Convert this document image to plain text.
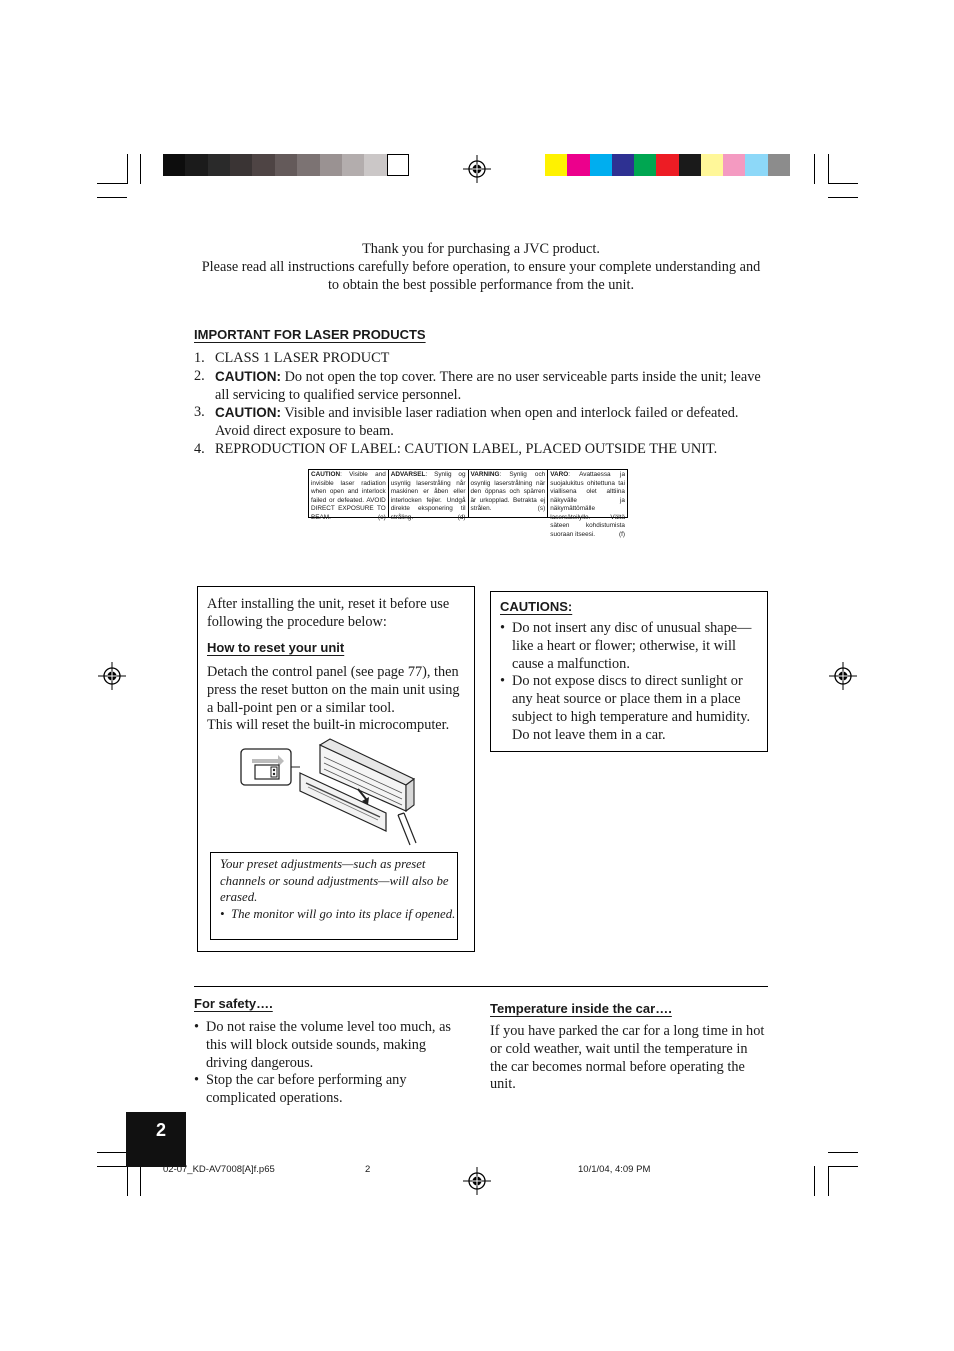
Thank you for purchasing a JVC product.
Please read all instructions carefully before operation, to ensure your complete understanding and
to obtain the best possible performance from the unit.
IMPORTANT FOR LASER PRODUCTS
1. CLASS 1 LASER PRODUCT
2. CAUTION: Do not open the top cover. There are no user serviceable parts inside the unit; leave all servicing to qualified service personnel.
3. CAUTION: Visible and invisible laser radiation when open and interlock failed or defeated. Avoid direct exposure to beam.
4. REPRODUCTION OF LABEL: CAUTION LABEL, PLACED OUTSIDE THE UNIT.
CAUTION: Visible and invisible laser radiation when open and interlock failed or defeated. AVOID DIRECT EXPOSURE TO BEAM.	(e)
ADVARSEL: Synlig og usynlig laserstråling når maskinen er åben eller interlocken fejler. Undgå direkte eksponering til stråling.	(d)
VARNING: Synlig och osynlig laserstrålning när den öppnas och spärren är urkopplad. Betrakta ej strålen.	(s)
VARO: Avattaessa ja suojalukitus ohitettuna tai viallisena olet alttiina näkyvälle ja näkymättömälle lasersäteilylle. Vältä säteen kohdistumista suoraan itseesi.	(f)
After installing the unit, reset it before use following the procedure below:
How to reset your unit
Detach the control panel (see page 77), then press the reset button on the main unit using a ball-point pen or a similar tool.
This will reset the built-in microcomputer.
Your preset adjustments—such as preset channels or sound adjustments—will also be erased.
• The monitor will go into its place if opened.
CAUTIONS:
• Do not insert any disc of unusual shape—like a heart or flower; otherwise, it will cause a malfunction.
• Do not expose discs to direct sunlight or any heat source or place them in a place subject to high temperature and humidity. Do not leave them in a car.
For safety….
• Do not raise the volume level too much, as this will block outside sounds, making driving dangerous.
• Stop the car before performing any complicated operations.
Temperature inside the car….
If you have parked the car for a long time in hot or cold weather, wait until the temperature in the car becomes normal before operating the unit.
2
02-07_KD-AV7008[A]f.p65	2	10/1/04, 4:09 PM
